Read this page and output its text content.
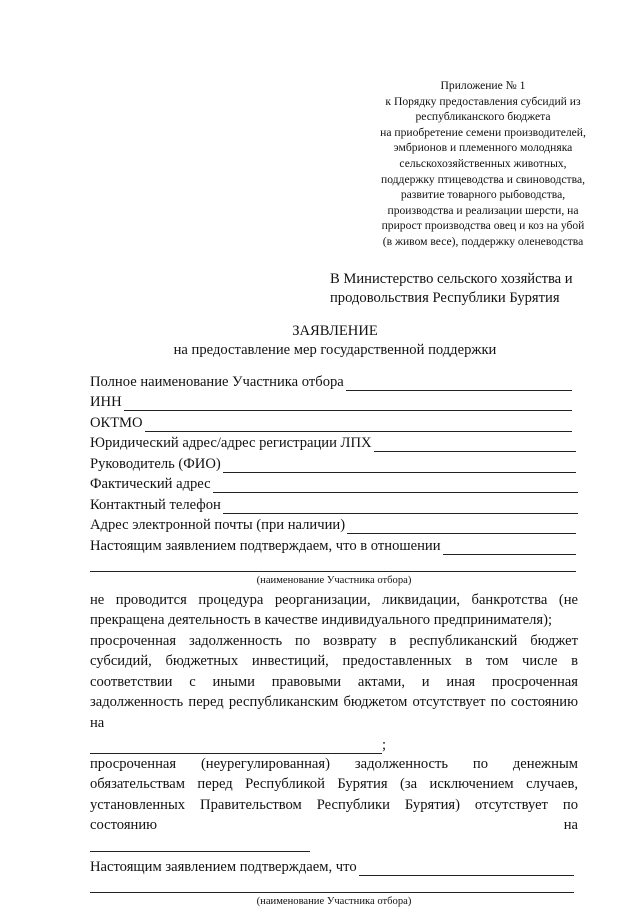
Приложение № 1
к Порядку предоставления субсидий из
республиканского бюджета
на приобретение семени производителей,
эмбрионов и племенного молодняка
сельскохозяйственных животных,
поддержку птицеводства и свиноводства,
развитие товарного рыбоводства,
производства и реализации шерсти, на
прирост производства овец и коз на убой
(в живом весе), поддержку оленеводства
В Министерство сельского хозяйства и
продовольствия Республики Бурятия
ЗАЯВЛЕНИЕ
на предоставление мер государственной поддержки
Полное наименование Участника отбора
ИНН
ОКТМО
Юридический адрес/адрес регистрации ЛПХ
Руководитель (ФИО)
Фактический адрес
Контактный телефон
Адрес электронной почты (при наличии)
Настоящим заявлением подтверждаем, что в отношении
(наименование Участника отбора)
не проводится процедура реорганизации, ликвидации, банкротства (не прекращена деятельность в качестве индивидуального предпринимателя);
просроченная задолженность по возврату в республиканский бюджет субсидий, бюджетных инвестиций, предоставленных в том числе в соответствии с иными правовыми актами, и иная просроченная задолженность перед республиканским бюджетом отсутствует по состоянию на
;
просроченная (неурегулированная) задолженность по денежным обязательствам перед Республикой Бурятия (за исключением случаев, установленных Правительством Республики Бурятия) отсутствует по состоянию на
Настоящим заявлением подтверждаем, что
(наименование Участника отбора)
